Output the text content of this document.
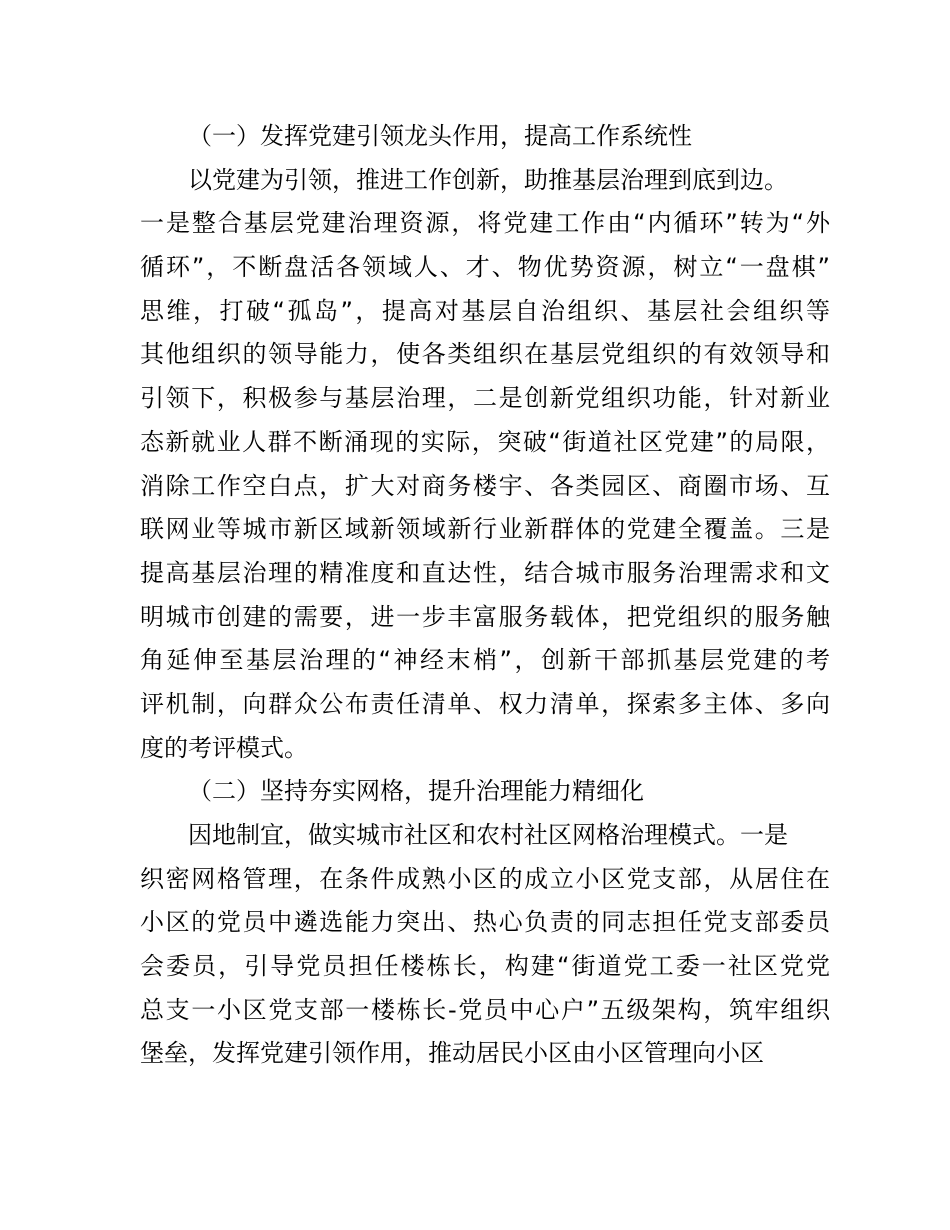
（一）发挥党建引领龙头作用，提高工作系统性
以党建为引领，推进工作创新，助推基层治理到底到边。
一是整合基层党建治理资源，将党建工作由“内循环”转为“外
循环”，不断盘活各领域人、才、物优势资源，树立“一盘棋”
思维，打破“孤岛”，提高对基层自治组织、基层社会组织等
其他组织的领导能力，使各类组织在基层党组织的有效领导和
引领下，积极参与基层治理，二是创新党组织功能，针对新业
态新就业人群不断涌现的实际，突破“街道社区党建”的局限，
消除工作空白点，扩大对商务楼宇、各类园区、商圈市场、互
联网业等城市新区域新领域新行业新群体的党建全覆盖。三是
提高基层治理的精准度和直达性，结合城市服务治理需求和文
明城市创建的需要，进一步丰富服务载体，把党组织的服务触
角延伸至基层治理的“神经末梢”，创新干部抓基层党建的考
评机制，向群众公布责任清单、权力清单，探索多主体、多向
度的考评模式。
（二）坚持夯实网格，提升治理能力精细化
因地制宜，做实城市社区和农村社区网格治理模式。一是
织密网格管理，在条件成熟小区的成立小区党支部，从居住在
小区的党员中遴选能力突出、热心负责的同志担任党支部委员
会委员，引导党员担任楼栋长，构建“街道党工委一社区党党
总支一小区党支部一楼栋长-党员中心户”五级架构，筑牢组织
堡垒，发挥党建引领作用，推动居民小区由小区管理向小区
